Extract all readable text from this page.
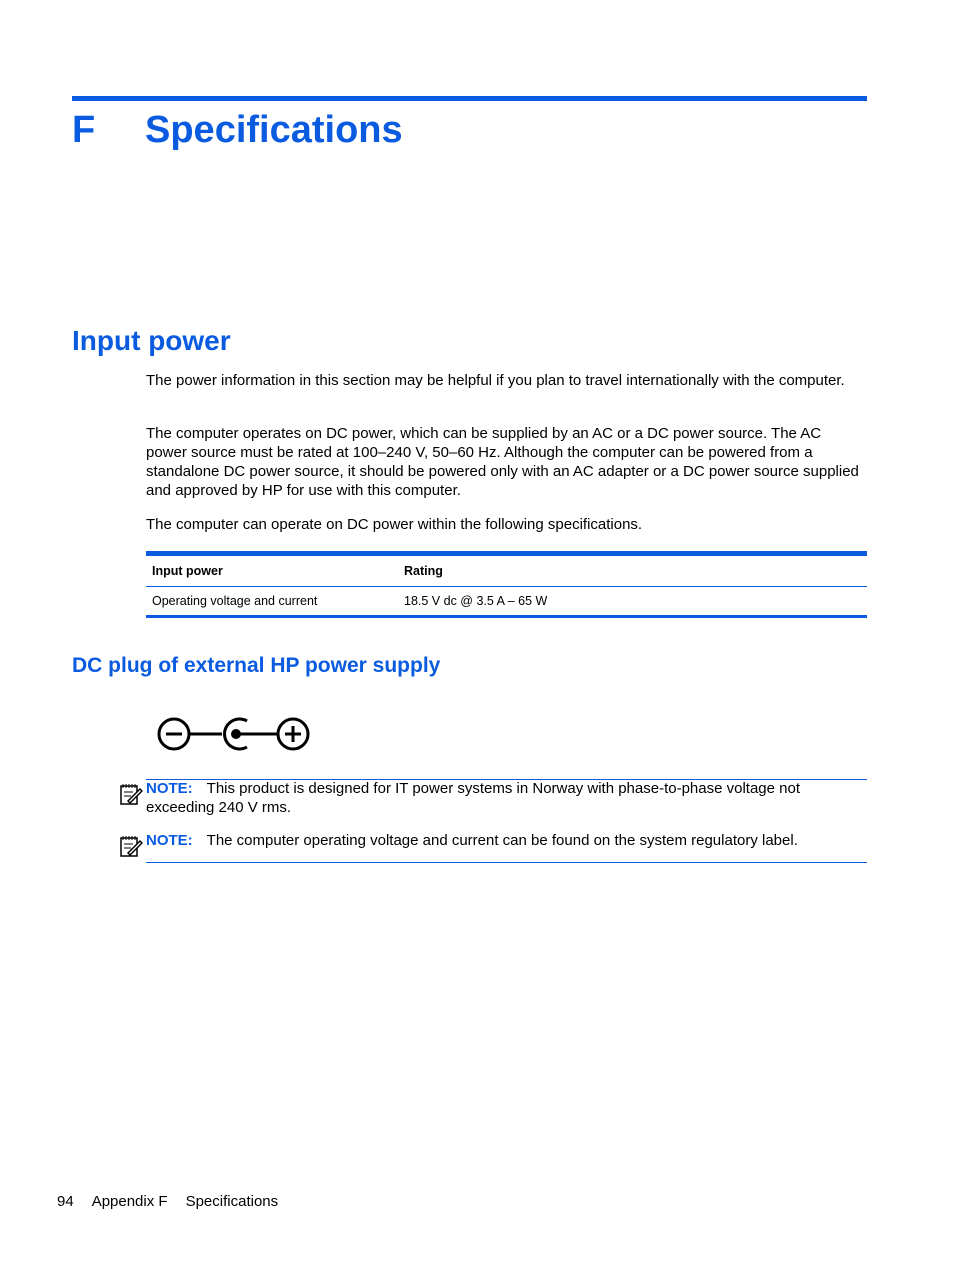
F Specifications
Input power

The power information in this section may be helpful if you plan to travel internationally with the computer.

The computer operates on DC power, which can be supplied by an AC or a DC power source. The AC power source must be rated at 100–240 V, 50–60 Hz. Although the computer can be powered from a standalone DC power source, it should be powered only with an AC adapter or a DC power source supplied and approved by HP for use with this computer.

The computer can operate on DC power within the following specifications.

Input power	Rating
Operating voltage and current	18.5 V dc @ 3.5 A – 65 W
DC plug of external HP power supply

NOTE: This product is designed for IT power systems in Norway with phase-to-phase voltage not exceeding 240 V rms.

NOTE: The computer operating voltage and current can be found on the system regulatory label.

94 Appendix F Specifications
